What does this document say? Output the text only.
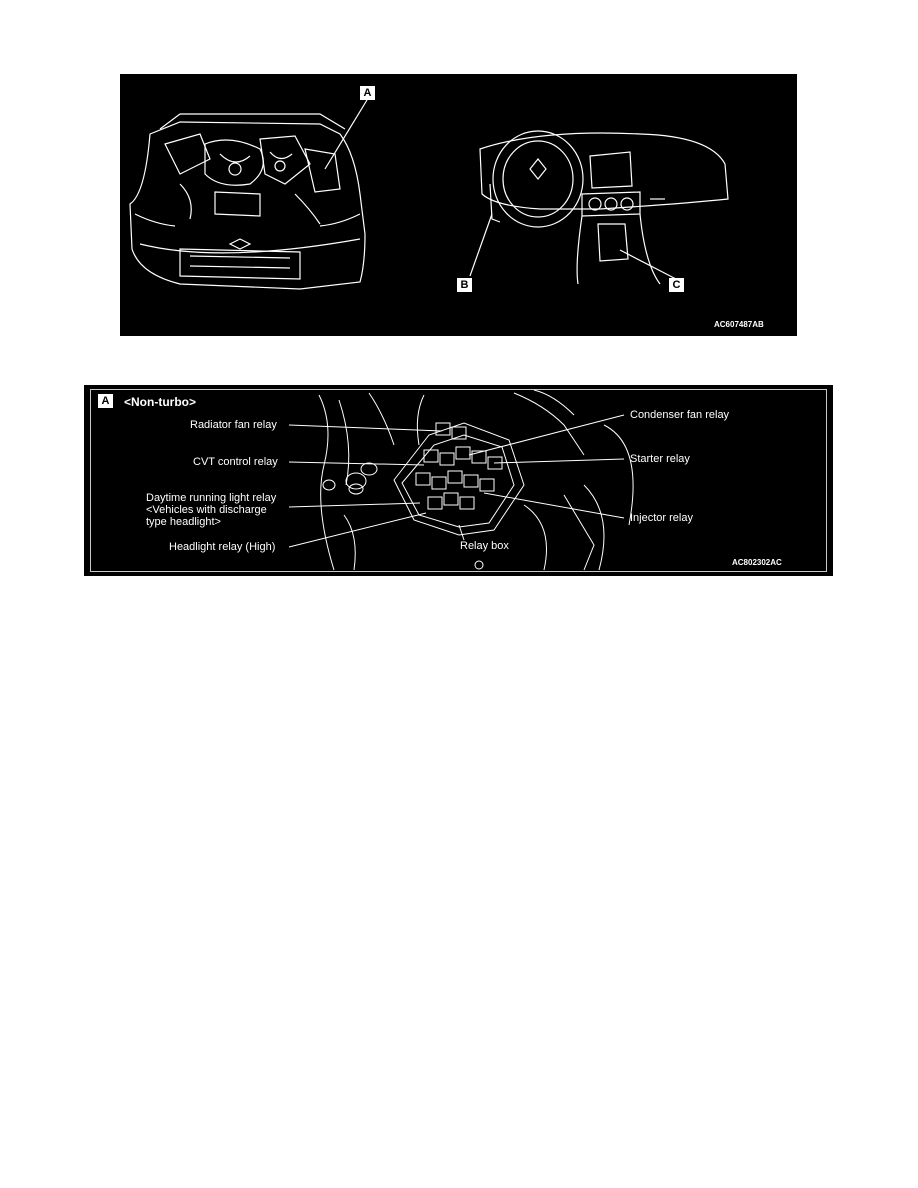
A
B	C
AC607487AB
A <Non-turbo>
Radiator fan relay
CVT control relay
Daytime running light relay
<Vehicles with discharge
type headlight>
Headlight relay (High)	Relay box
Condenser fan relay
Starter relay
Injector relay
AC802302AC
